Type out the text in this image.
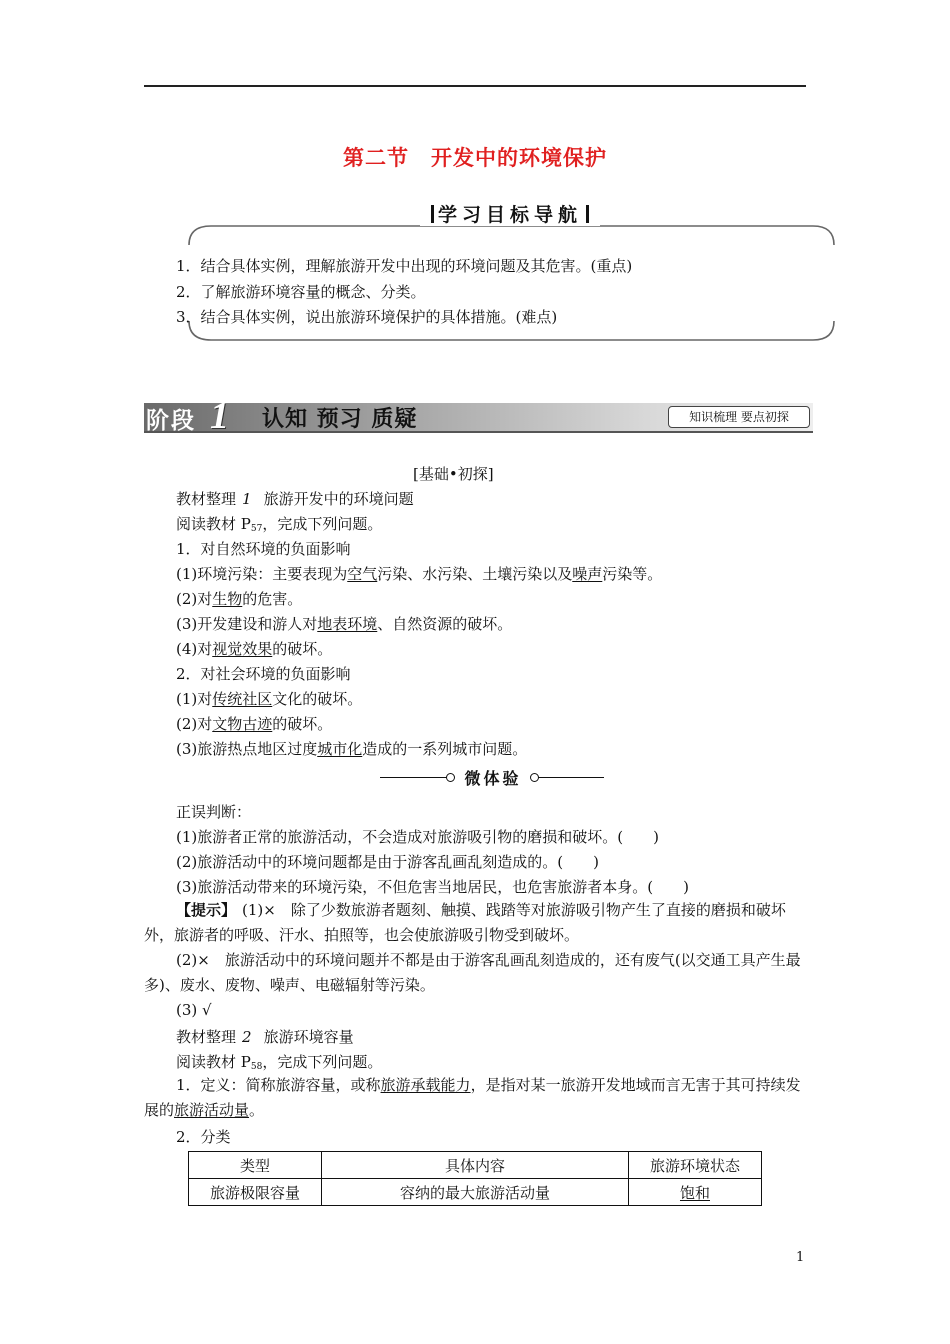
第二节 开发中的环境保护
学习目标导航
1．结合具体实例，理解旅游开发中出现的环境问题及其危害。(重点)
2．了解旅游环境容量的概念、分类。
3．结合具体实例，说出旅游环境保护的具体措施。(难点)
阶段 1 认知 预习 质疑	知识梳理 要点初探
[基础•初探]
教材整理 1 旅游开发中的环境问题
阅读教材 $P_{57}$，完成下列问题。
1．对自然环境的负面影响
(1)环境污染：主要表现为空气污染、水污染、土壤污染以及噪声污染等。
(2)对生物的危害。
(3)开发建设和游人对地表环境、自然资源的破坏。
(4)对视觉效果的破坏。
2．对社会环境的负面影响
(1)对传统社区文化的破坏。
(2)对文物古迹的破坏。
(3)旅游热点地区过度城市化造成的一系列城市问题。
微体验
正误判断：
(1)旅游者正常的旅游活动，不会造成对旅游吸引物的磨损和破坏。(　　)
(2)旅游活动中的环境问题都是由于游客乱画乱刻造成的。(　　)
(3)旅游活动带来的环境污染，不但危害当地居民，也危害旅游者本身。(　　)
【提示】 (1)×　除了少数旅游者题刻、触摸、践踏等对旅游吸引物产生了直接的磨损和破坏外，旅游者的呼吸、汗水、拍照等，也会使旅游吸引物受到破坏。
(2)×　旅游活动中的环境问题并不都是由于游客乱画乱刻造成的，还有废气(以交通工具产生最多)、废水、废物、噪声、电磁辐射等污染。
(3) √
教材整理 2 旅游环境容量
阅读教材 $P_{58}$，完成下列问题。
1．定义：简称旅游容量，或称旅游承载能力，是指对某一旅游开发地域而言无害于其可持续发展的旅游活动量。
2．分类
类型	具体内容	旅游环境状态
旅游极限容量	容纳的最大旅游活动量	饱和
1
